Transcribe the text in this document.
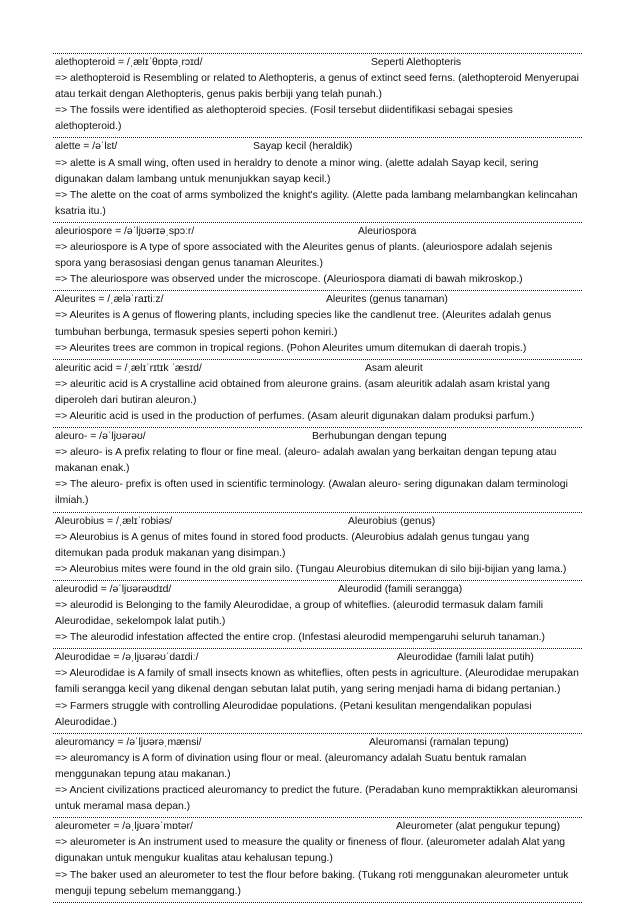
alethopteroid = /ˌælɪˈθɒptəˌrɔɪd/	Seperti Alethopteris
=> alethopteroid is Resembling or related to Alethopteris, a genus of extinct seed ferns. (alethopteroid Menyerupai atau terkait dengan Alethopteris, genus pakis berbiji yang telah punah.)
=> The fossils were identified as alethopteroid species. (Fosil tersebut diidentifikasi sebagai spesies alethopteroid.)
alette = /əˈlɛt/	Sayap kecil (heraldik)
=> alette is A small wing, often used in heraldry to denote a minor wing. (alette adalah Sayap kecil, sering digunakan dalam lambang untuk menunjukkan sayap kecil.)
=> The alette on the coat of arms symbolized the knight's agility. (Alette pada lambang melambangkan kelincahan ksatria itu.)
aleuriospore = /əˈljʊərɪəˌspɔːr/	Aleuriospora
=> aleuriospore is A type of spore associated with the Aleurites genus of plants. (aleuriospore adalah sejenis spora yang berasosiasi dengan genus tanaman Aleurites.)
=> The aleuriospore was observed under the microscope. (Aleuriospora diamati di bawah mikroskop.)
Aleurites = /ˌæləˈraɪtiːz/	Aleurites (genus tanaman)
=> Aleurites is A genus of flowering plants, including species like the candlenut tree. (Aleurites adalah genus tumbuhan berbunga, termasuk spesies seperti pohon kemiri.)
=> Aleurites trees are common in tropical regions. (Pohon Aleurites umum ditemukan di daerah tropis.)
aleuritic acid = /ˌælɪˈrɪtɪk ˈæsɪd/	Asam aleurit
=> aleuritic acid is A crystalline acid obtained from aleurone grains. (asam aleuritik adalah asam kristal yang diperoleh dari butiran aleuron.)
=> Aleuritic acid is used in the production of perfumes. (Asam aleurit digunakan dalam produksi parfum.)
aleuro- = /əˈljʊərəʊ/	Berhubungan dengan tepung
=> aleuro- is A prefix relating to flour or fine meal. (aleuro- adalah awalan yang berkaitan dengan tepung atau makanan enak.)
=> The aleuro- prefix is often used in scientific terminology. (Awalan aleuro- sering digunakan dalam terminologi ilmiah.)
Aleurobius = /ˌælɪˈrobiəs/	Aleurobius (genus)
=> Aleurobius is A genus of mites found in stored food products. (Aleurobius adalah genus tungau yang ditemukan pada produk makanan yang disimpan.)
=> Aleurobius mites were found in the old grain silo. (Tungau Aleurobius ditemukan di silo biji-bijian yang lama.)
aleurodid = /əˈljʊərəʊdɪd/	Aleurodid (famili serangga)
=> aleurodid is Belonging to the family Aleurodidae, a group of whiteflies. (aleurodid termasuk dalam famili Aleurodidae, sekelompok lalat putih.)
=> The aleurodid infestation affected the entire crop. (Infestasi aleurodid mempengaruhi seluruh tanaman.)
Aleurodidae = /əˌljʊərəʊˈdaɪdiː/	Aleurodidae (famili lalat putih)
=> Aleurodidae is A family of small insects known as whiteflies, often pests in agriculture. (Aleurodidae merupakan famili serangga kecil yang dikenal dengan sebutan lalat putih, yang sering menjadi hama di bidang pertanian.)
=> Farmers struggle with controlling Aleurodidae populations. (Petani kesulitan mengendalikan populasi Aleurodidae.)
aleuromancy = /əˈljʊərəˌmænsi/	Aleuromansi (ramalan tepung)
=> aleuromancy is A form of divination using flour or meal. (aleuromancy adalah Suatu bentuk ramalan menggunakan tepung atau makanan.)
=> Ancient civilizations practiced aleuromancy to predict the future. (Peradaban kuno mempraktikkan aleuromansi untuk meramal masa depan.)
aleurometer = /əˌljʊərəˈmɒtər/	Aleurometer (alat pengukur tepung)
=> aleurometer is An instrument used to measure the quality or fineness of flour. (aleurometer adalah Alat yang digunakan untuk mengukur kualitas atau kehalusan tepung.)
=> The baker used an aleurometer to test the flour before baking. (Tukang roti menggunakan aleurometer untuk menguji tepung sebelum memanggang.)
